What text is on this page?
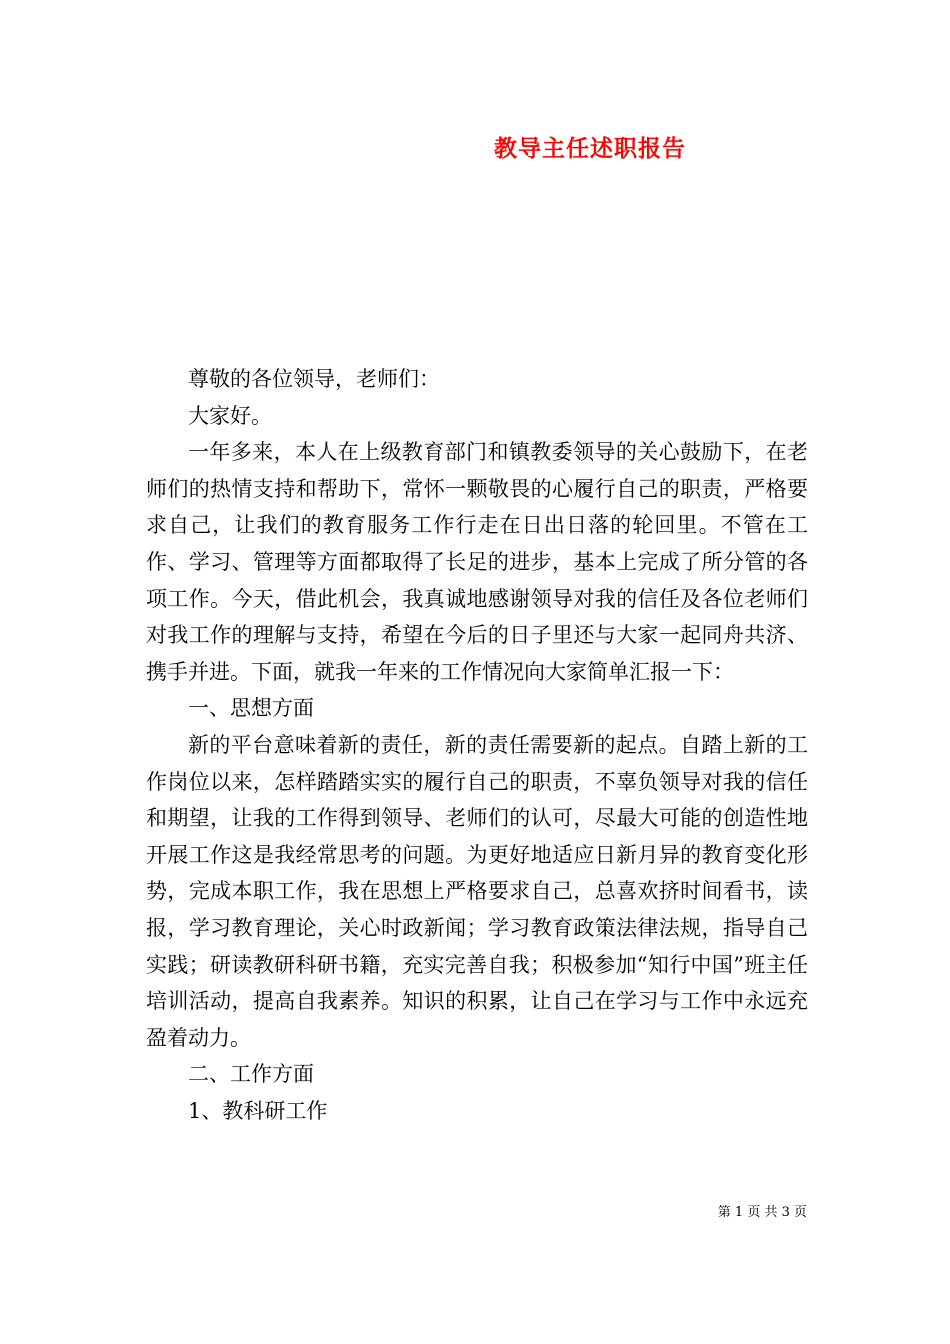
教导主任述职报告

尊敬的各位领导，老师们：

大家好。

一年多来，本人在上级教育部门和镇教委领导的关心鼓励下，在老师们的热情支持和帮助下，常怀一颗敬畏的心履行自己的职责，严格要求自己，让我们的教育服务工作行走在日出日落的轮回里。不管在工作、学习、管理等方面都取得了长足的进步，基本上完成了所分管的各项工作。今天，借此机会，我真诚地感谢领导对我的信任及各位老师们对我工作的理解与支持，希望在今后的日子里还与大家一起同舟共济、携手并进。下面，就我一年来的工作情况向大家简单汇报一下：

一、思想方面

新的平台意味着新的责任，新的责任需要新的起点。自踏上新的工作岗位以来，怎样踏踏实实的履行自己的职责，不辜负领导对我的信任和期望，让我的工作得到领导、老师们的认可，尽最大可能的创造性地开展工作这是我经常思考的问题。为更好地适应日新月异的教育变化形势，完成本职工作，我在思想上严格要求自己，总喜欢挤时间看书，读报，学习教育理论，关心时政新闻；学习教育政策法律法规，指导自己实践；研读教研科研书籍，充实完善自我；积极参加“知行中国”班主任培训活动，提高自我素养。知识的积累，让自己在学习与工作中永远充盈着动力。

二、工作方面

1、教科研工作

第 1 页 共 3 页
